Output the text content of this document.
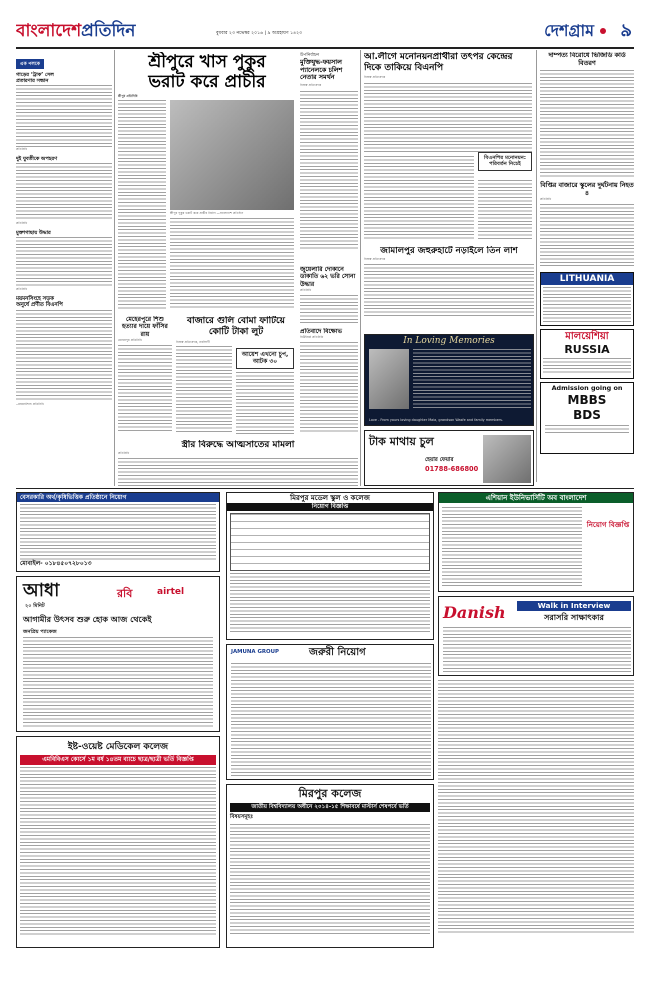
বাংলাদেশপ্রতিদিন	বুধবার ২৩ নভেম্বর ২০১৬ | ৯ অগ্রহায়ণ ১৪২৩	দেশগ্রাম ৯
এক পলকে
গাড়ের ‘ট্রাক’ সেল
প্রতারণার সন্ধান
প্রতিনিধি
দুই যুবতীকে অপহরণ
প্রতিনিধি
মুক্তাগাছায় উদ্ধার
প্রতিনিধি
ময়মনসিংহে সড়ক
অনুর্ধে প্রণীত বিএনপি
--ময়মনসিংহ প্রতিনিধি
শ্রীপুরে খাস পুকুর
ভরাট করে প্রাচীর
শ্রীপুর প্রতিনিধি
শ্রীপুর পুকুর ভরাট করে প্রাচীর নির্মাণ —বাংলাদেশ প্রতিদিন
উপনির্বাচন
মুক্তিযুদ্ধ-ফয়সাল প্যানেলকে চলিশ নেতার সমর্থন
নিজস্ব প্রতিবেদক
জুয়েলারি দোকানে ডাকাতি ৬২ ভরি সোনা উদ্ধার
প্রতিনিধি
প্রতিবাদে বিক্ষোভ
নিউইয়র্ক প্রতিনিধি
মেহেরপুরে শিশু হত্যার দায়ে ফাঁসির রায়
মেহেরপুর প্রতিনিধি
বাজারে গুলি বোমা ফাটিয়ে কোটি টাকা লুট
নিজস্ব প্রতিবেদক, নরসিংদী
আয়েশ এখনো চুপ, আটক ৩০
স্ত্রীর বিরুদ্ধে আত্মসাতের মামলা
প্রতিনিধি
আ.লীগে মনোনয়নপ্রার্থীরা তৎপর কেন্দ্রের দিকে তাকিয়ে বিএনপি
নিজস্ব প্রতিবেদক
বিএনপির মনোনয়ন: পরিবর্তন নিচেই
দাম্পত্য বিরোধে ভিজিডি কার্ড বিতরণ
বিপ্তির বাজারে স্কুলের দুর্ঘটনায় নিহত ৪
প্রতিনিধি
LITHUANIA
মালয়েশিয়া
RUSSIA
Admission going on
MBBS
BDS
জামালপুর জহুরুহাটে নড়াইলে তিন লাশ
নিজস্ব প্রতিবেদক
In Loving Memories
Love - From yours loving daughter Maia, grandson Wasfe and family members.
টাক মাথায় চুল
01788-686800
হেয়ার ফেয়ার
বেসরকারি অর্থ/কৃষিভিত্তিক প্রতিষ্ঠানে নিয়োগ
মোবাইল- ০১৮৪৫০৭২৮০১৩
মিরপুর মডেল স্কুল ও কলেজ
নিয়োগ বিজ্ঞপ্তি
এশিয়ান ইউনিভার্সিটি অব বাংলাদেশ
নিয়োগ বিজ্ঞপ্তি
আধা
২০ মিনিট
রবি	airtel
আগামীর উৎসব শুরু হোক আজ থেকেই
জনপ্রিয় প্যাকেজ
JAMUNA GROUP	জরুরী নিয়োগ
Danish	Walk in Interview
সরাসরি সাক্ষাৎকার
ইষ্ট-ওয়েষ্ট মেডিকেল কলেজ
এমবিবিএস কোর্সে ১ম বর্ষ ১৪তম ব্যাচে ছাত্র/ছাত্রী ভর্তি বিজ্ঞপ্তি
মিরপুর কলেজ
জাতীয় বিশ্ববিদ্যালয় অধীনে ২০১৪-১৫ শিক্ষাবর্ষে মাস্টার্স শেষপর্বে ভর্তি
বিষয়সমূহঃ
